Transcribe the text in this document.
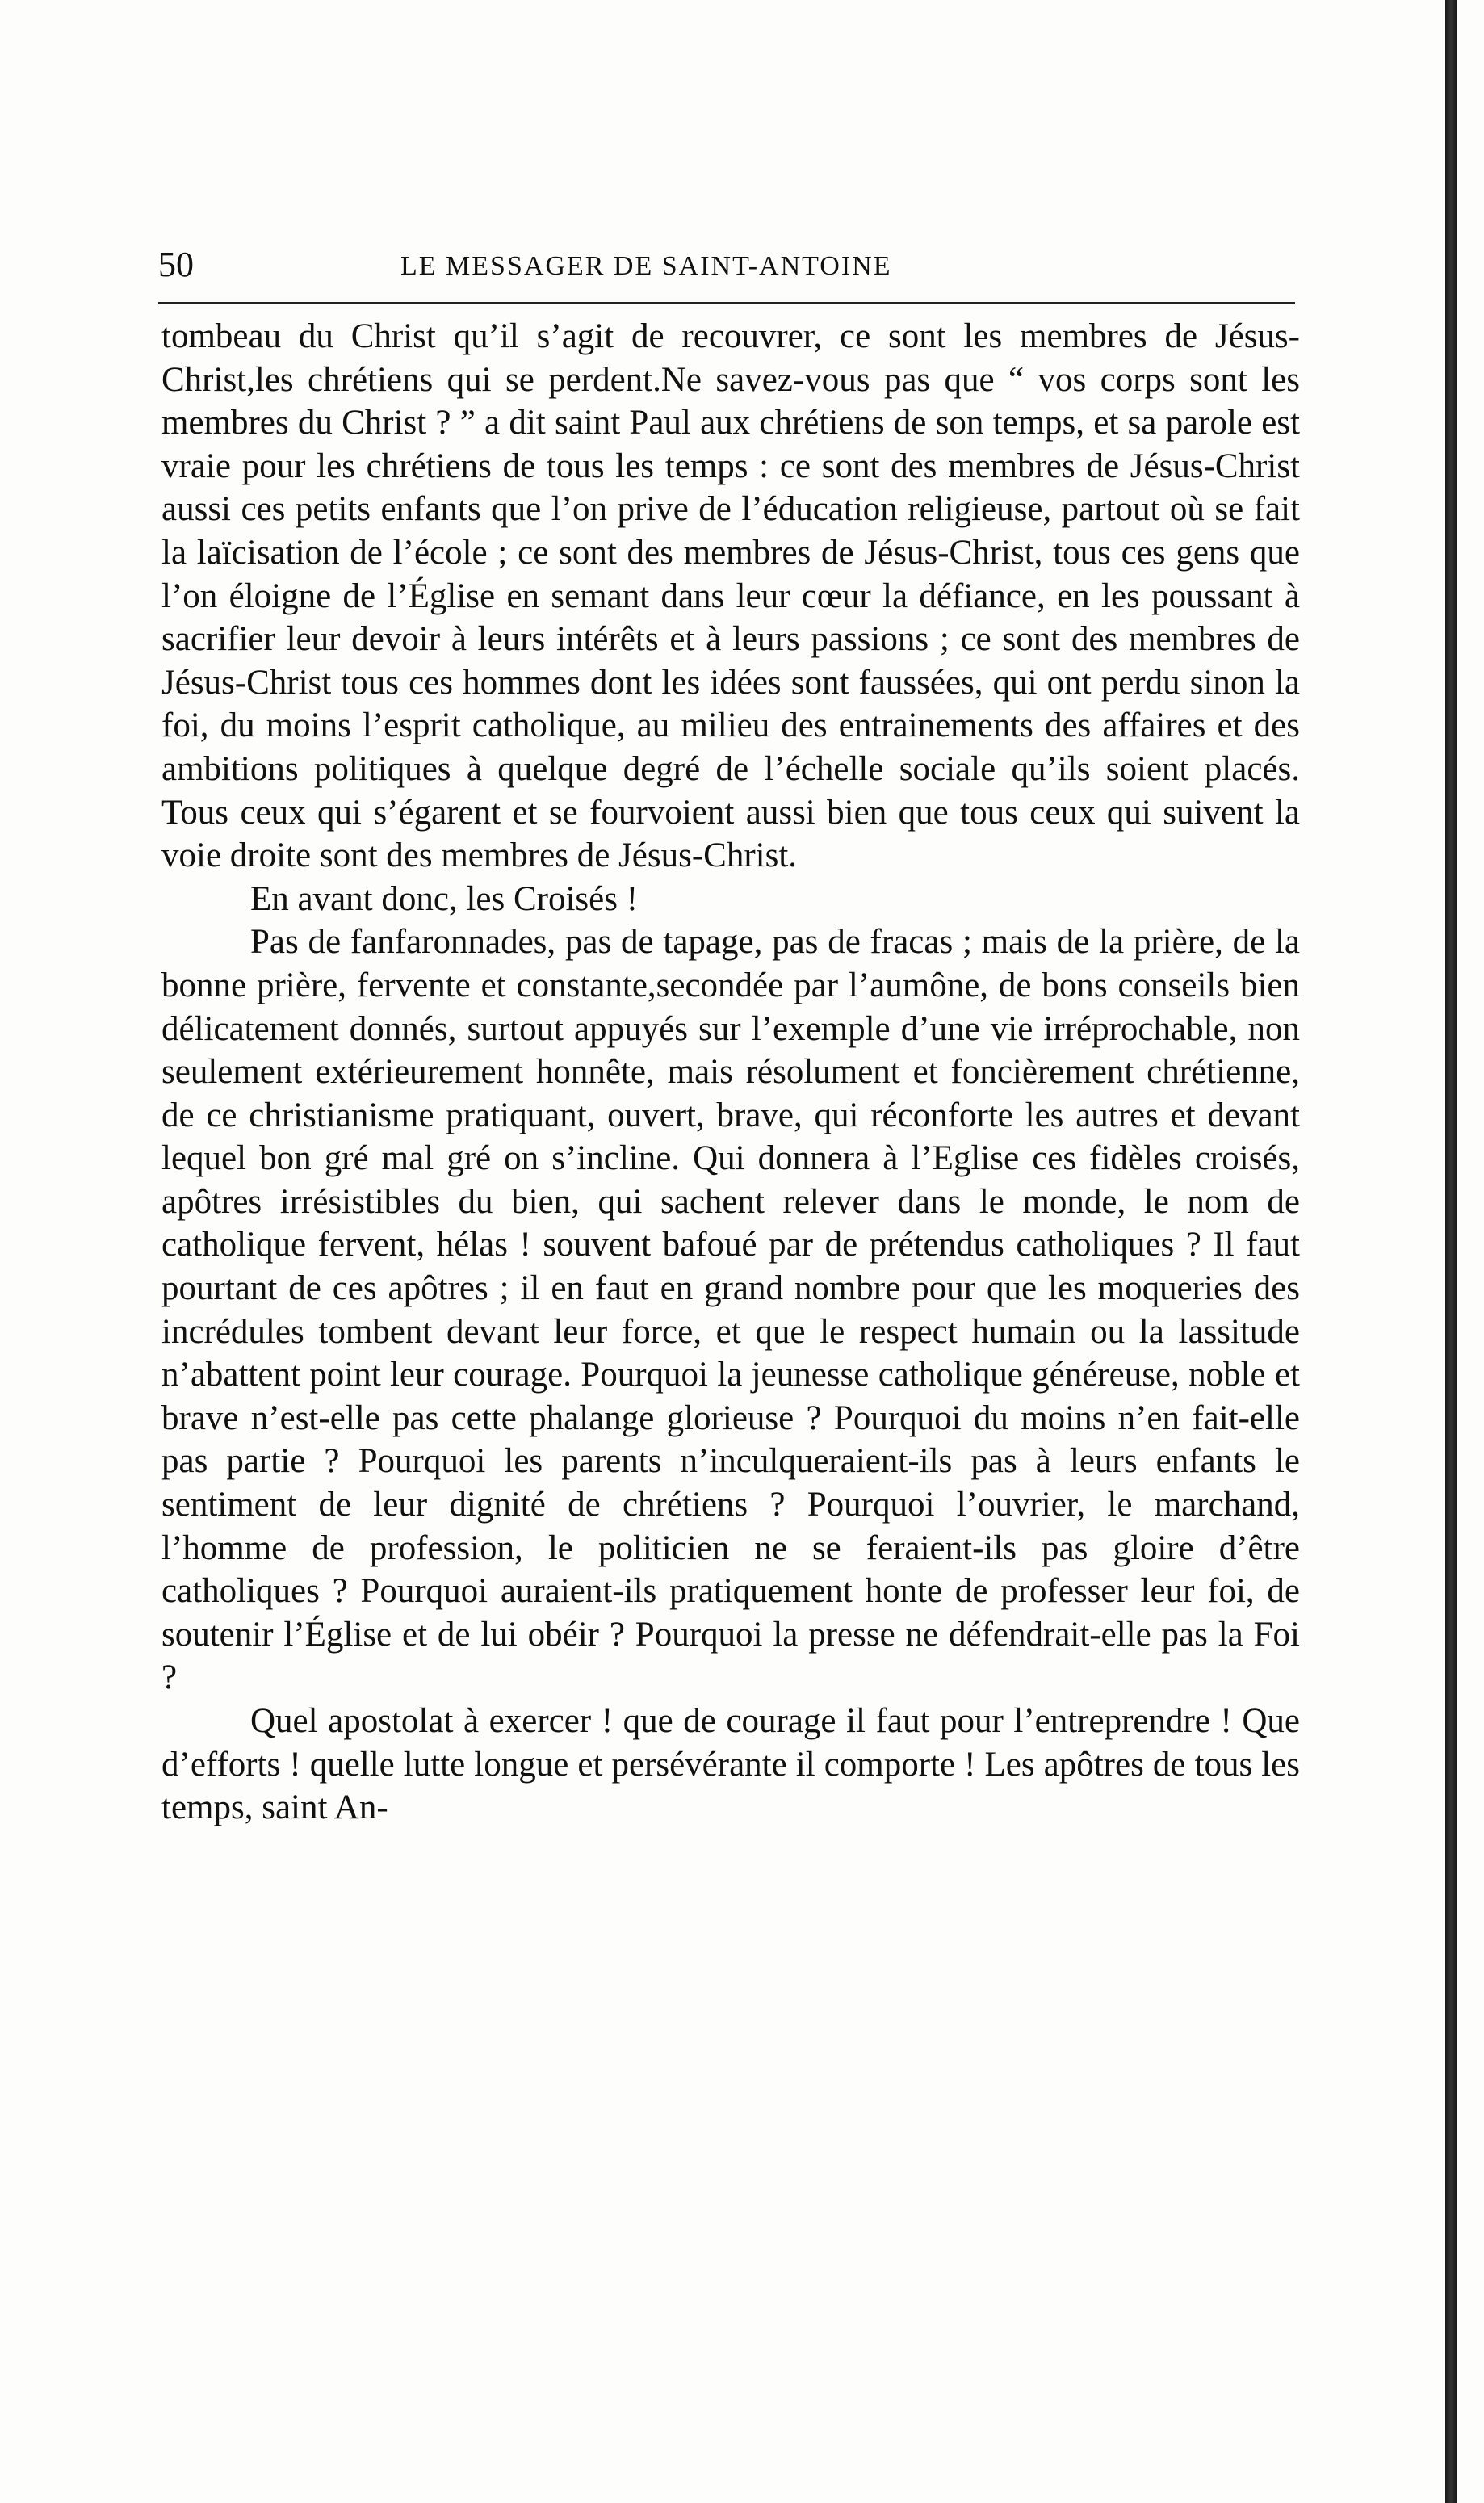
50	LE MESSAGER DE SAINT-ANTOINE

tombeau du Christ qu’il s’agit de recouvrer, ce sont les membres de Jésus-Christ,les chrétiens qui se perdent.Ne savez-vous pas que “ vos corps sont les membres du Christ ? ” a dit saint Paul aux chrétiens de son temps, et sa parole est vraie pour les chrétiens de tous les temps : ce sont des membres de Jésus-Christ aussi ces petits enfants que l’on prive de l’éducation religieuse, partout où se fait la laïcisation de l’école ; ce sont des membres de Jésus-Christ, tous ces gens que l’on éloigne de l’Église en semant dans leur cœur la défiance, en les poussant à sacrifier leur devoir à leurs intérêts et à leurs passions ; ce sont des membres de Jésus-Christ tous ces hommes dont les idées sont faussées, qui ont perdu sinon la foi, du moins l’esprit catholique, au milieu des entrainements des affaires et des ambitions politiques à quelque degré de l’échelle sociale qu’ils soient placés. Tous ceux qui s’égarent et se fourvoient aussi bien que tous ceux qui suivent la voie droite sont des membres de Jésus-Christ.

En avant donc, les Croisés !

Pas de fanfaronnades, pas de tapage, pas de fracas ; mais de la prière, de la bonne prière, fervente et constante,secondée par l’aumône, de bons conseils bien délicatement donnés, surtout appuyés sur l’exemple d’une vie irréprochable, non seulement extérieurement honnête, mais résolument et foncièrement chrétienne, de ce christianisme pratiquant, ouvert, brave, qui réconforte les autres et devant lequel bon gré mal gré on s’incline. Qui donnera à l’Eglise ces fidèles croisés, apôtres irrésistibles du bien, qui sachent relever dans le monde, le nom de catholique fervent, hélas ! souvent bafoué par de prétendus catholiques ? Il faut pourtant de ces apôtres ; il en faut en grand nombre pour que les moqueries des incrédules tombent devant leur force, et que le respect humain ou la lassitude n’abattent point leur courage. Pourquoi la jeunesse catholique généreuse, noble et brave n’est-elle pas cette phalange glorieuse ? Pourquoi du moins n’en fait-elle pas partie ? Pourquoi les parents n’inculqueraient-ils pas à leurs enfants le sentiment de leur dignité de chrétiens ? Pourquoi l’ouvrier, le marchand, l’homme de profession, le politicien ne se feraient-ils pas gloire d’être catholiques ? Pourquoi auraient-ils pratiquement honte de professer leur foi, de soutenir l’Église et de lui obéir ? Pourquoi la presse ne défendrait-elle pas la Foi ?

Quel apostolat à exercer ! que de courage il faut pour l’entreprendre ! Que d’efforts ! quelle lutte longue et persévérante il comporte ! Les apôtres de tous les temps, saint An-
